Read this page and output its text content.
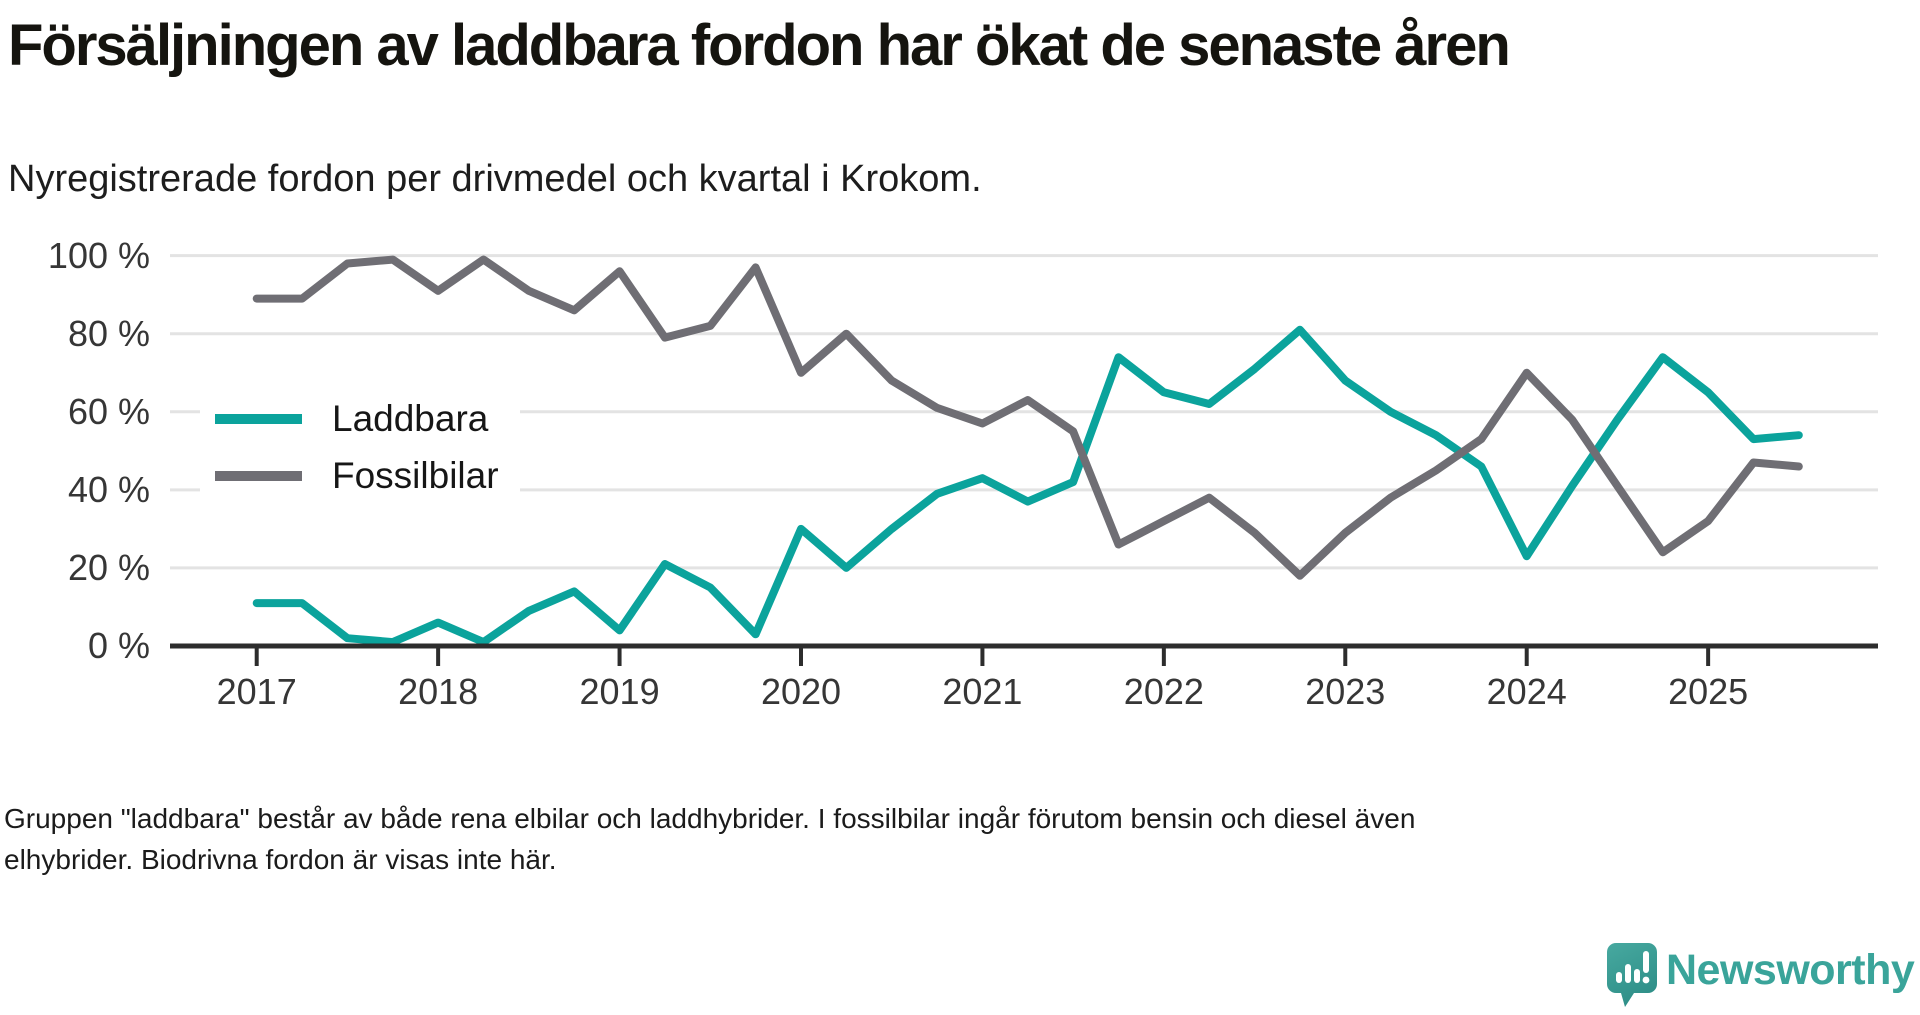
Försäljningen av laddbara fordon har ökat de senaste åren
Nyregistrerade fordon per drivmedel och kvartal i Krokom.
Laddbara
Fossilbilar
0 %
20 %
40 %
60 %
80 %
100 %
2017	2018	2019	2020	2021	2022	2023	2024	2025
Gruppen "laddbara" består av både rena elbilar och laddhybrider. I fossilbilar ingår förutom bensin och diesel även elhybrider. Biodrivna fordon är visas inte här.
Newsworthy
